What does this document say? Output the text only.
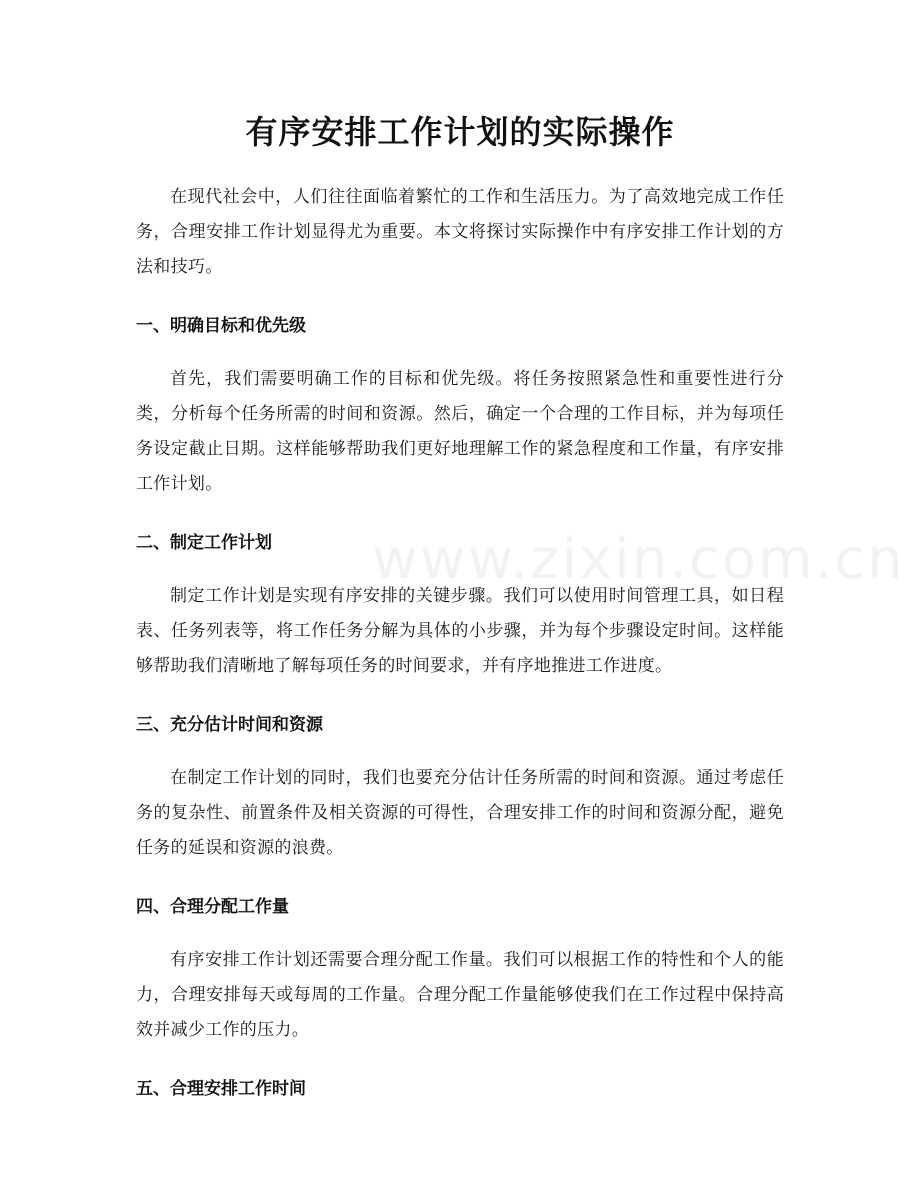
有序安排工作计划的实际操作

在现代社会中，人们往往面临着繁忙的工作和生活压力。为了高效地完成工作任务，合理安排工作计划显得尤为重要。本文将探讨实际操作中有序安排工作计划的方法和技巧。

一、明确目标和优先级

首先，我们需要明确工作的目标和优先级。将任务按照紧急性和重要性进行分类，分析每个任务所需的时间和资源。然后，确定一个合理的工作目标，并为每项任务设定截止日期。这样能够帮助我们更好地理解工作的紧急程度和工作量，有序安排工作计划。

二、制定工作计划

制定工作计划是实现有序安排的关键步骤。我们可以使用时间管理工具，如日程表、任务列表等，将工作任务分解为具体的小步骤，并为每个步骤设定时间。这样能够帮助我们清晰地了解每项任务的时间要求，并有序地推进工作进度。

三、充分估计时间和资源

在制定工作计划的同时，我们也要充分估计任务所需的时间和资源。通过考虑任务的复杂性、前置条件及相关资源的可得性，合理安排工作的时间和资源分配，避免任务的延误和资源的浪费。

四、合理分配工作量

有序安排工作计划还需要合理分配工作量。我们可以根据工作的特性和个人的能力，合理安排每天或每周的工作量。合理分配工作量能够使我们在工作过程中保持高效并减少工作的压力。

五、合理安排工作时间
www.zixin.com.cn
